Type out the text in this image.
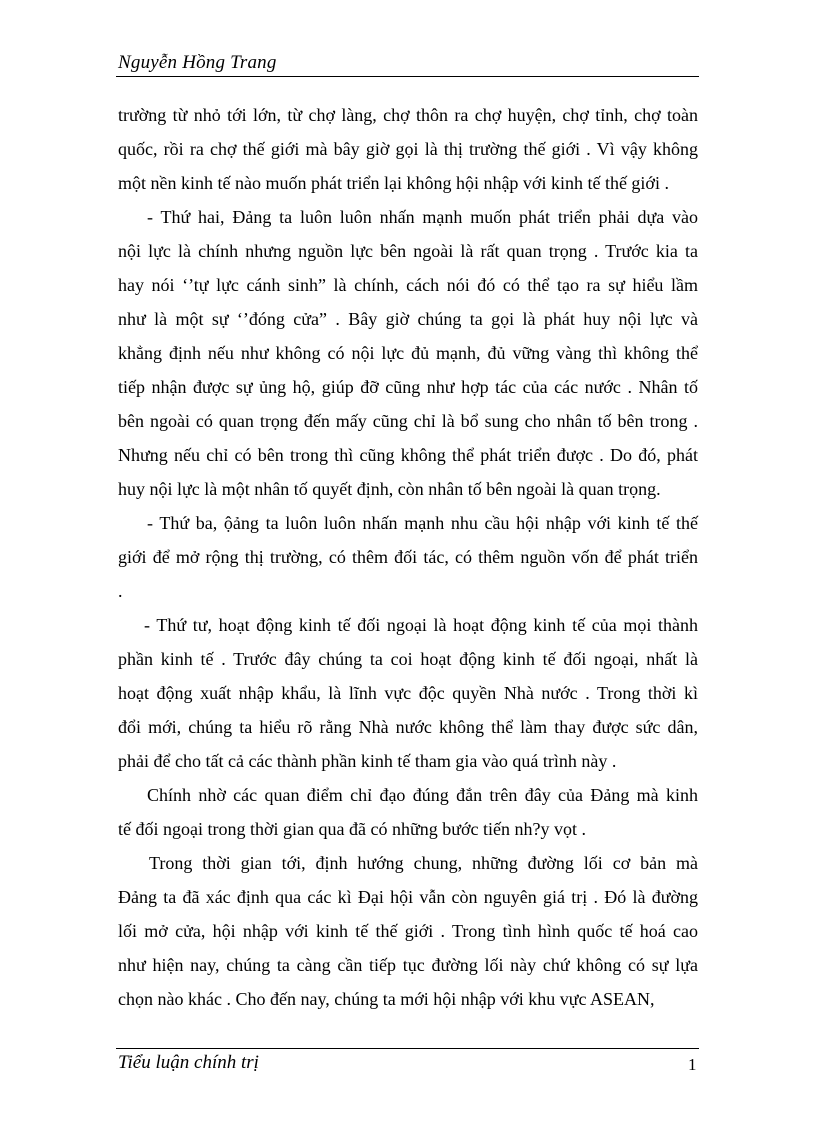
Nguyễn Hồng Trang
trường từ nhỏ tới lớn, từ chợ làng, chợ thôn ra chợ huyện, chợ tỉnh, chợ toàn
quốc, rồi ra chợ thế giới mà bây giờ gọi là thị trường thế giới . Vì vậy không
một nền kinh tế nào muốn phát triển lại không hội nhập với kinh tế thế giới .
- Thứ hai, Đảng ta luôn luôn nhấn mạnh muốn phát triển phải dựa vào
nội lực là chính nhưng nguồn lực bên ngoài là rất quan trọng . Trước kia ta
hay nói ‘’tự lực cánh sinh” là chính, cách nói đó có thể tạo ra sự hiểu lầm
như là một sự ‘’đóng cửa” . Bây giờ chúng ta gọi là phát huy nội lực và
khẳng định nếu như không có nội lực đủ mạnh, đủ vững vàng thì không thể
tiếp nhận được sự ủng hộ, giúp đỡ cũng như hợp tác của các nước . Nhân tố
bên ngoài có quan trọng đến mấy cũng chỉ là bổ sung cho nhân tố bên trong .
Nhưng nếu chỉ có bên trong thì cũng không thể phát triển được . Do đó, phát
huy nội lực là một nhân tố quyết định, còn nhân tố bên ngoài là quan trọng.
- Thứ ba, ộảng ta luôn luôn nhấn mạnh nhu cầu hội nhập với kinh tế thế
giới để mở rộng thị trường, có thêm đối tác, có thêm nguồn vốn để phát triển
.
- Thứ tư, hoạt động kinh tế đối ngoại là hoạt động kinh tế của mọi thành
phần kinh tế . Trước đây chúng ta coi hoạt động kinh tế đối ngoại, nhất là
hoạt động xuất nhập khẩu, là lĩnh vực độc quyền Nhà nước . Trong thời kì
đổi mới, chúng ta hiểu rõ rằng Nhà nước không thể làm thay được sức dân,
phải để cho tất cả các thành phần kinh tế tham gia vào quá trình này .
Chính nhờ các quan điểm chỉ đạo đúng đắn trên đây của Đảng mà kinh
tế đối ngoại trong thời gian qua đã có những bước tiến nh?y vọt .
Trong thời gian tới, định hướng chung, những đường lối cơ bản mà
Đảng ta đã xác định qua các kì Đại hội vẫn còn nguyên giá trị . Đó là đường
lối mở cửa, hội nhập với kinh tế thế giới . Trong tình hình quốc tế hoá cao
như hiện nay, chúng ta càng cần tiếp tục đường lối này chứ không có sự lựa
chọn nào khác . Cho đến nay, chúng ta mới hội nhập với khu vực ASEAN,
Tiểu luận chính trị	1
